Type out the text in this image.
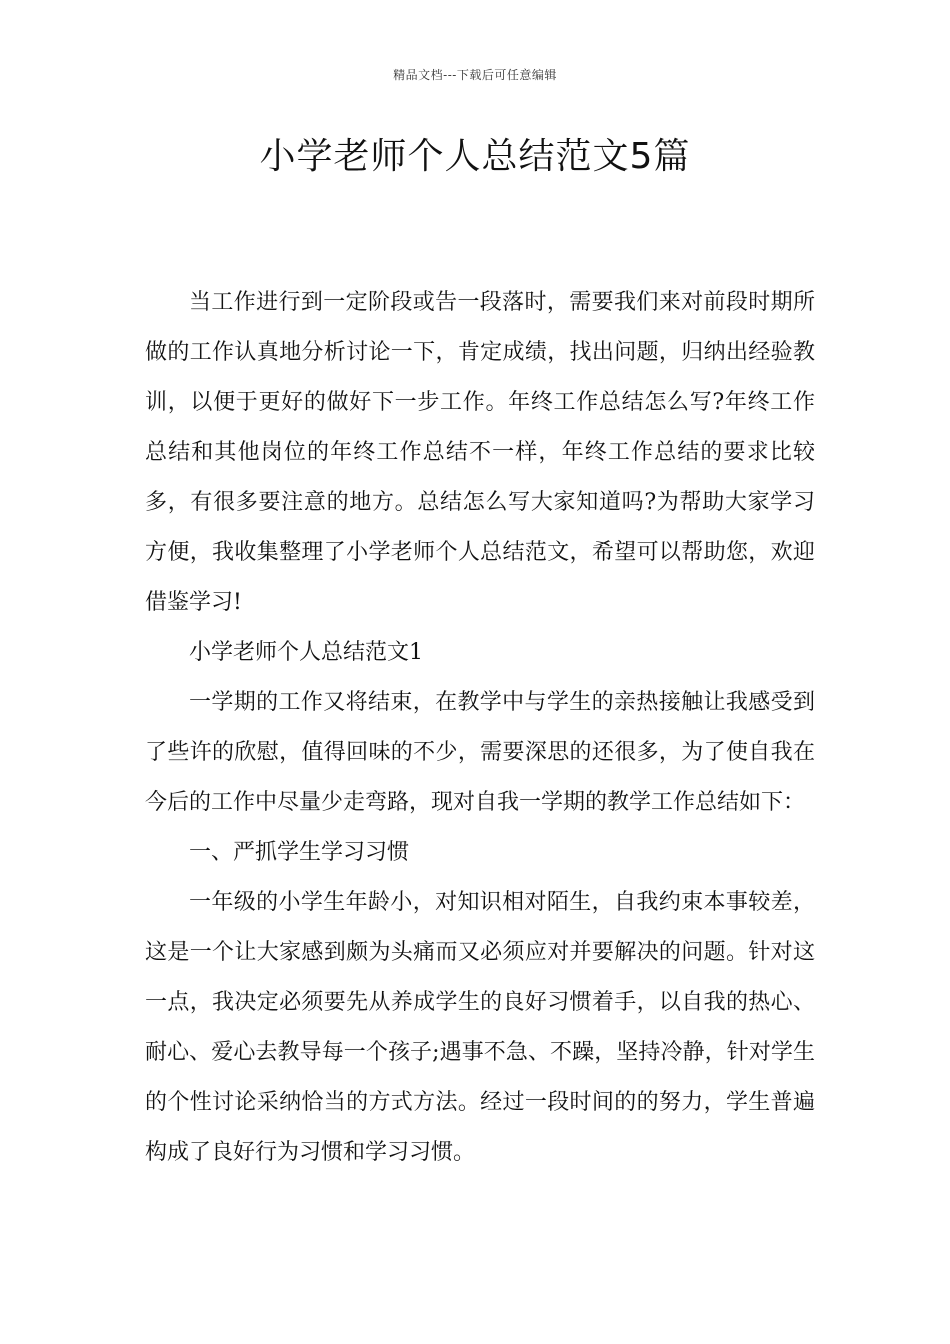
精品文档---下载后可任意编辑
小学老师个人总结范文5篇

当工作进行到一定阶段或告一段落时，需要我们来对前段时期所做的工作认真地分析讨论一下，肯定成绩，找出问题，归纳出经验教训，以便于更好的做好下一步工作。年终工作总结怎么写?年终工作总结和其他岗位的年终工作总结不一样，年终工作总结的要求比较多，有很多要注意的地方。总结怎么写大家知道吗?为帮助大家学习方便，我收集整理了小学老师个人总结范文，希望可以帮助您，欢迎借鉴学习!

小学老师个人总结范文1

一学期的工作又将结束，在教学中与学生的亲热接触让我感受到了些许的欣慰，值得回味的不少，需要深思的还很多，为了使自我在今后的工作中尽量少走弯路，现对自我一学期的教学工作总结如下：

一、严抓学生学习习惯

一年级的小学生年龄小，对知识相对陌生，自我约束本事较差，这是一个让大家感到颇为头痛而又必须应对并要解决的问题。针对这一点，我决定必须要先从养成学生的良好习惯着手，以自我的热心、耐心、爱心去教导每一个孩子;遇事不急、不躁，坚持冷静，针对学生的个性讨论采纳恰当的方式方法。经过一段时间的的努力，学生普遍构成了良好行为习惯和学习习惯。
